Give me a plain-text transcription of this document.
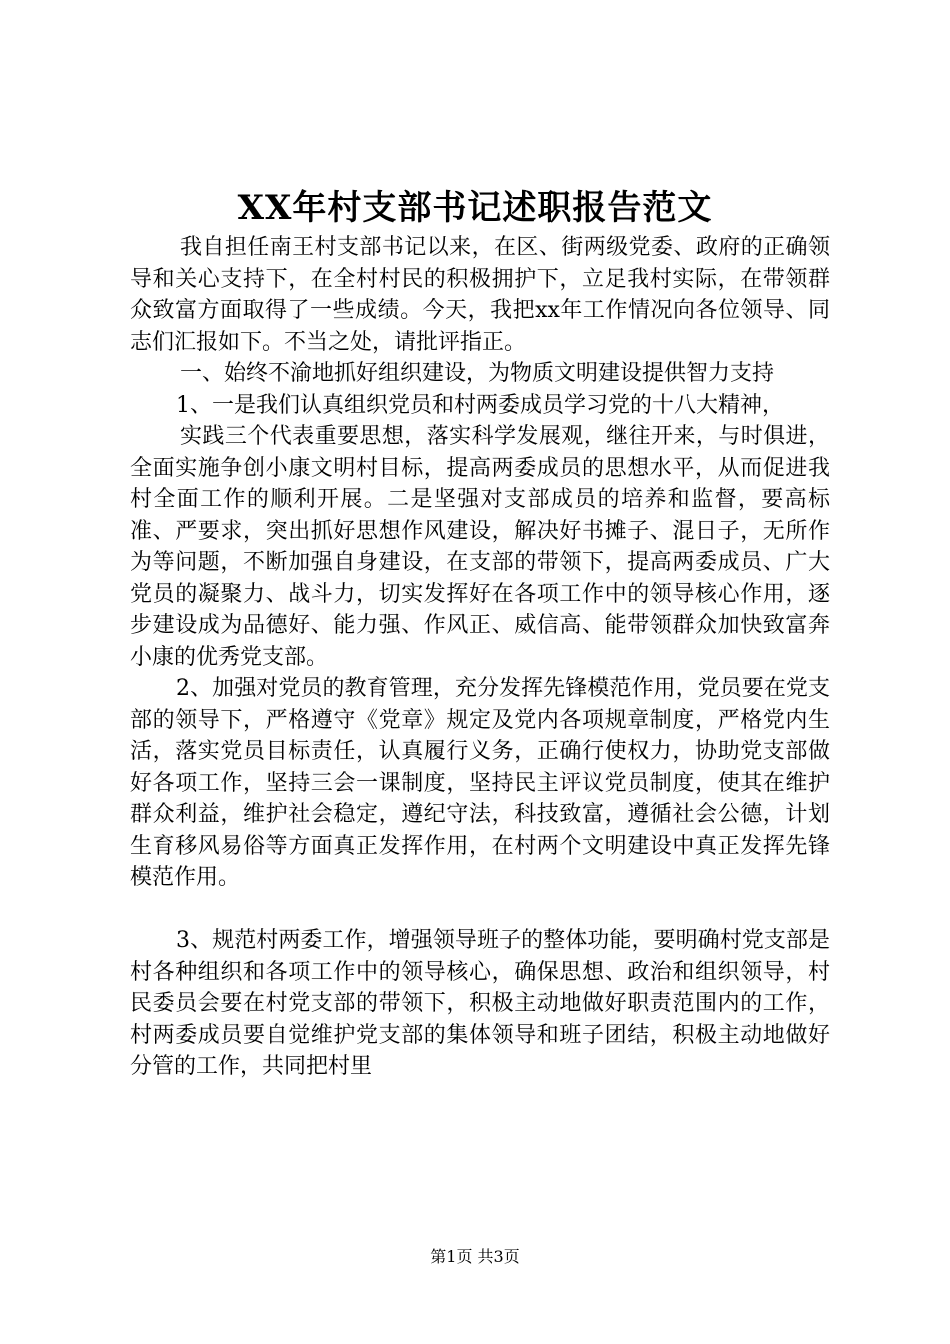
XX年村支部书记述职报告范文

我自担任南王村支部书记以来，在区、街两级党委、政府的正确领导和关心支持下，在全村村民的积极拥护下，立足我村实际，在带领群众致富方面取得了一些成绩。今天，我把xx年工作情况向各位领导、同志们汇报如下。不当之处，请批评指正。

一、始终不渝地抓好组织建设，为物质文明建设提供智力支持

1、一是我们认真组织党员和村两委成员学习党的十八大精神，

实践三个代表重要思想，落实科学发展观，继往开来，与时俱进，全面实施争创小康文明村目标，提高两委成员的思想水平，从而促进我村全面工作的顺利开展。二是坚强对支部成员的培养和监督，要高标准、严要求，突出抓好思想作风建设，解决好书摊子、混日子，无所作为等问题，不断加强自身建设，在支部的带领下，提高两委成员、广大党员的凝聚力、战斗力，切实发挥好在各项工作中的领导核心作用，逐步建设成为品德好、能力强、作风正、威信高、能带领群众加快致富奔小康的优秀党支部。

2、加强对党员的教育管理，充分发挥先锋模范作用，党员要在党支部的领导下，严格遵守《党章》规定及党内各项规章制度，严格党内生活，落实党员目标责任，认真履行义务，正确行使权力，协助党支部做好各项工作，坚持三会一课制度，坚持民主评议党员制度，使其在维护群众利益，维护社会稳定，遵纪守法，科技致富，遵循社会公德，计划生育移风易俗等方面真正发挥作用，在村两个文明建设中真正发挥先锋模范作用。

3、规范村两委工作，增强领导班子的整体功能，要明确村党支部是村各种组织和各项工作中的领导核心，确保思想、政治和组织领导，村民委员会要在村党支部的带领下，积极主动地做好职责范围内的工作，村两委成员要自觉维护党支部的集体领导和班子团结，积极主动地做好分管的工作，共同把村里

第1页 共3页
